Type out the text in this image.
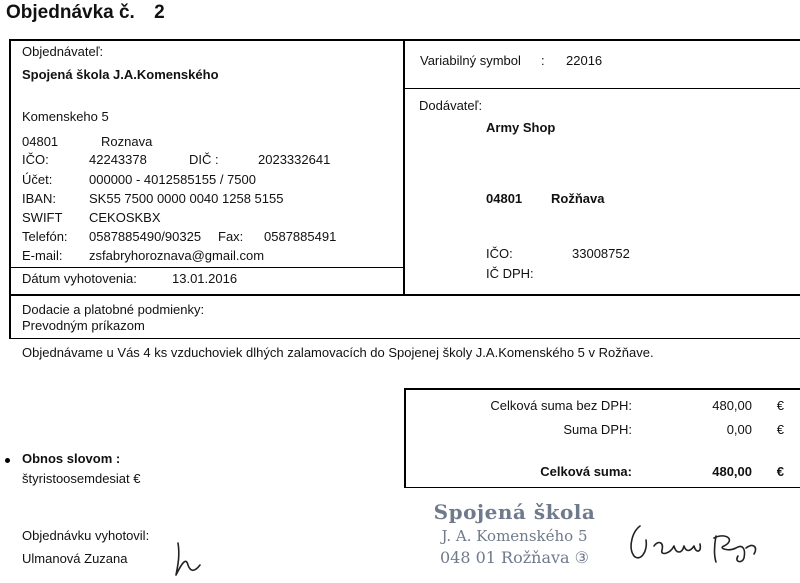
Objednávka č. 2
Objednávateľ:
Spojená škola J.A.Komenského
Komenskeho 5
04801	Roznava
IČO:	42243378	DIČ :	2023332641
Účet:	000000 - 4012585155 / 7500
IBAN:	SK55 7500 0000 0040 1258 5155
SWIFT CEKOSKBX
Telefón: 0587885490/90325 Fax: 0587885491
E-mail: zsfabryhoroznava@gmail.com
Dátum vyhotovenia:	13.01.2016
Variabilný symbol : 22016
Dodávateľ:
Army Shop
04801 Rožňava
IČO:	33008752
IČ DPH:
Dodacie a platobné podmienky:
Prevodným príkazom
Objednávame u Vás 4 ks vzduchoviek dlhých zalamovacích do Spojenej školy J.A.Komenského 5 v Rožňave.
Celková suma bez DPH:	480,00 €
Suma DPH:	0,00 €
Celková suma:	480,00 €
Obnos slovom :
štyristoosemdesiat €
Objednávku vyhotovil:
Ulmanová Zuzana
Spojená škola
J. A. Komenského 5
048 01 Rožňava ③
